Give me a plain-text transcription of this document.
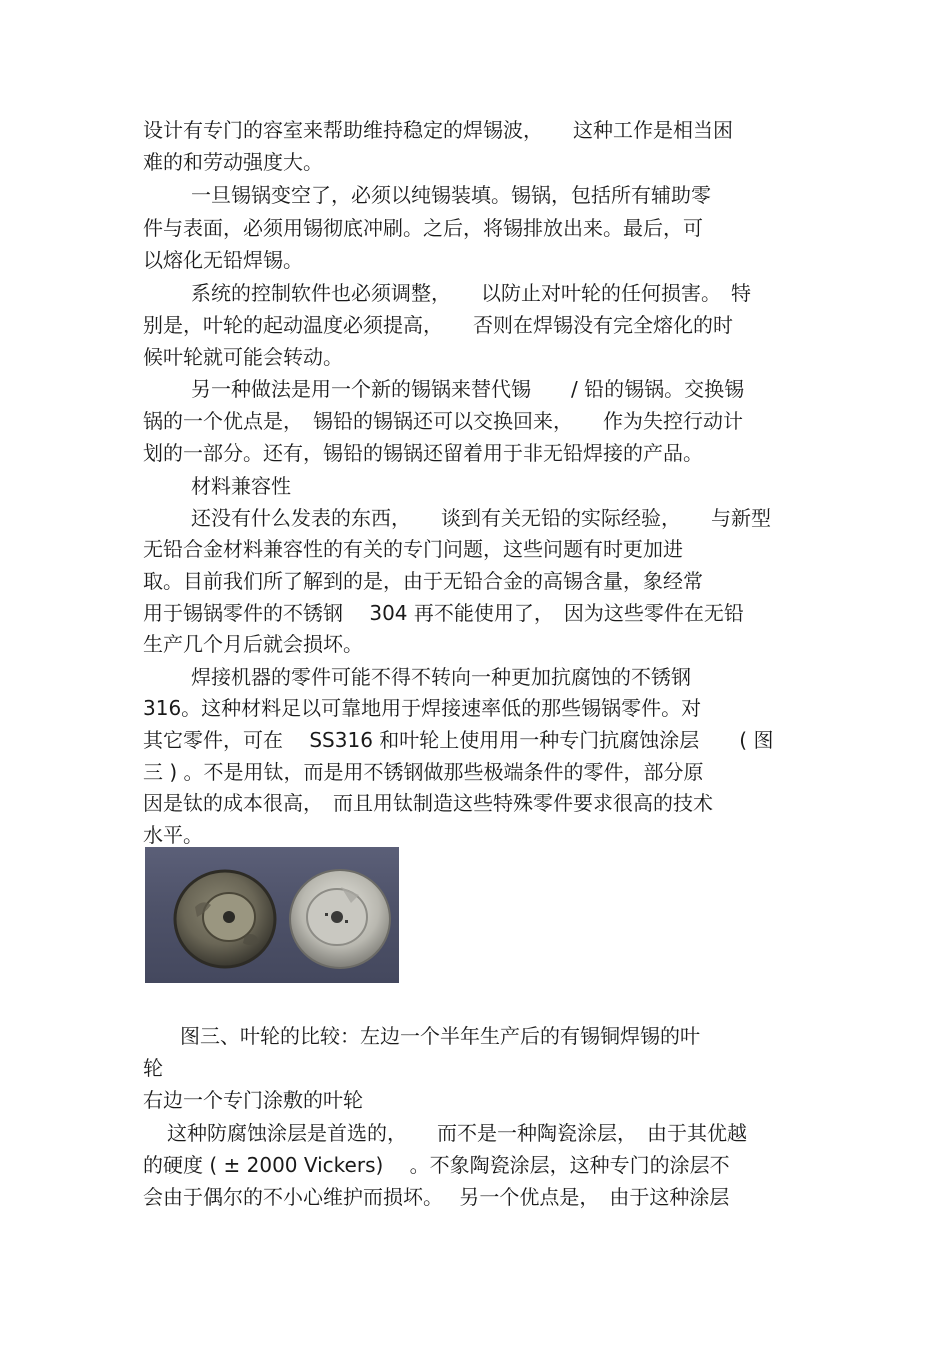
设计有专门的容室来帮助维持稳定的焊锡波，　　这种工作是相当困

难的和劳动强度大。

一旦锡锅变空了，必须以纯锡装填。锡锅，包括所有辅助零

件与表面，必须用锡彻底冲刷。之后，将锡排放出来。最后，可

以熔化无铅焊锡。

系统的控制软件也必须调整，　　以防止对叶轮的任何损害。　特

别是，叶轮的起动温度必须提高，　　否则在焊锡没有完全熔化的时

候叶轮就可能会转动。

另一种做法是用一个新的锡锅来替代锡　　/ 铅的锡锅。交换锡

锅的一个优点是，　锡铅的锡锅还可以交换回来，　　作为失控行动计

划的一部分。还有，锡铅的锡锅还留着用于非无铅焊接的产品。

材料兼容性

还没有什么发表的东西，　　谈到有关无铅的实际经验，　　与新型

无铅合金材料兼容性的有关的专门问题，这些问题有时更加进

取。目前我们所了解到的是，由于无铅合金的高锡含量，象经常

用于锡锅零件的不锈钢　 304 再不能使用了，　因为这些零件在无铅

生产几个月后就会损坏。

焊接机器的零件可能不得不转向一种更加抗腐蚀的不锈钢

316。这种材料足以可靠地用于焊接速率低的那些锡锅零件。对

其它零件，可在　 SS316 和叶轮上使用用一种专门抗腐蚀涂层　　( 图

三 ) 。不是用钛，而是用不锈钢做那些极端条件的零件，部分原

因是钛的成本很高，　而且用钛制造这些特殊零件要求很高的技术

水平。

图三、叶轮的比较：左边一个半年生产后的有锡铜焊锡的叶

轮

右边一个专门涂敷的叶轮

这种防腐蚀涂层是首选的，　　而不是一种陶瓷涂层，　由于其优越

的硬度 ( ± 2000 Vickers)　 。不象陶瓷涂层，这种专门的涂层不

会由于偶尔的不小心维护而损坏。　 另一个优点是，　由于这种涂层
